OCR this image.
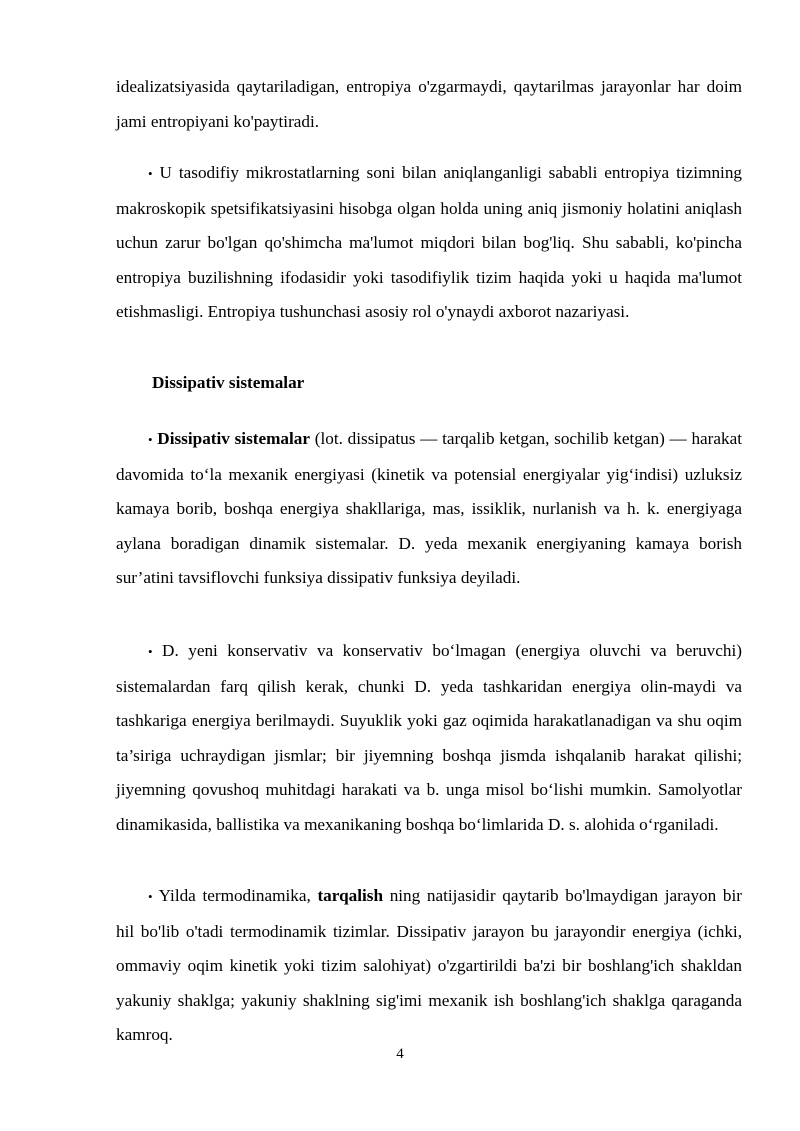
idealizatsiyasida qaytariladigan, entropiya o'zgarmaydi, qaytarilmas jarayonlar har doim jami entropiyani ko'paytiradi.

• U tasodifiy mikrostatlarning soni bilan aniqlanganligi sababli entropiya tizimning makroskopik spetsifikatsiyasini hisobga olgan holda uning aniq jismoniy holatini aniqlash uchun zarur bo'lgan qo'shimcha ma'lumot miqdori bilan bog'liq. Shu sababli, ko'pincha entropiya buzilishning ifodasidir yoki tasodifiylik tizim haqida yoki u haqida ma'lumot etishmasligi. Entropiya tushunchasi asosiy rol o'ynaydi axborot nazariyasi.

Dissipativ sistemalar

• Dissipativ sistemalar (lot. dissipatus — tarqalib ketgan, sochilib ketgan) — harakat davomida to‘la mexanik energiyasi (kinetik va potensial energiyalar yig‘indisi) uzluksiz kamaya borib, boshqa energiya shakllariga, mas, issiklik, nurlanish va h. k. energiyaga aylana boradigan dinamik sistemalar. D. yeda mexanik energiyaning kamaya borish sur’atini tavsiflovchi funksiya dissipativ funksiya deyiladi.

• D. yeni konservativ va konservativ bo‘lmagan (energiya oluvchi va beruvchi) sistemalardan farq qilish kerak, chunki D. yeda tashkaridan energiya olin-maydi va tashkariga energiya berilmaydi. Suyuklik yoki gaz oqimida harakatlanadigan va shu oqim ta’siriga uchraydigan jismlar; bir jiyemning boshqa jismda ishqalanib harakat qilishi; jiyemning qovushoq muhitdagi harakati va b. unga misol bo‘lishi mumkin. Samolyotlar dinamikasida, ballistika va mexanikaning boshqa bo‘limlarida D. s. alohida o‘rganiladi.

• Yilda termodinamika, tarqalish ning natijasidir qaytarib bo'lmaydigan jarayon bir hil bo'lib o'tadi termodinamik tizimlar. Dissipativ jarayon bu jarayondir energiya (ichki, ommaviy oqim kinetik yoki tizim salohiyat) o'zgartirildi ba'zi bir boshlang'ich shakldan yakuniy shaklga; yakuniy shaklning sig'imi mexanik ish boshlang'ich shaklga qaraganda kamroq.

4
